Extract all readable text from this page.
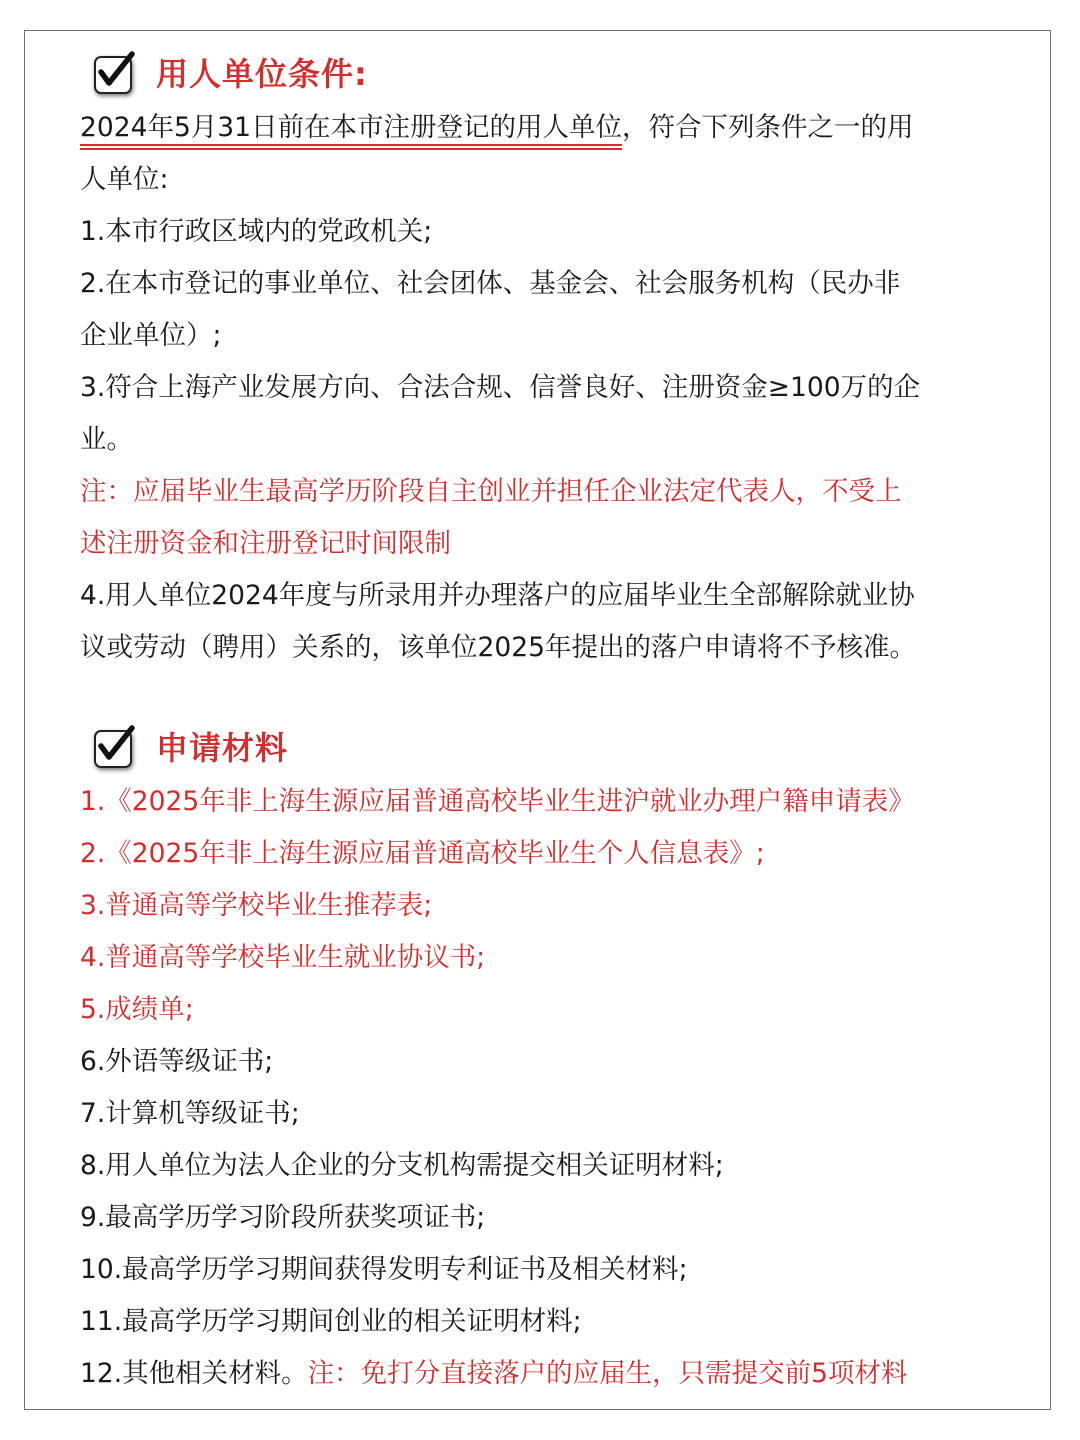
用人单位条件:
2024年5月31日前在本市注册登记的用人单位，符合下列条件之一的用
人单位:
1.本市行政区域内的党政机关;
2.在本市登记的事业单位、社会团体、基金会、社会服务机构（民办非
企业单位）;
3.符合上海产业发展方向、合法合规、信誉良好、注册资金≥100万的企
业。
注：应届毕业生最高学历阶段自主创业并担任企业法定代表人，不受上
述注册资金和注册登记时间限制
4.用人单位2024年度与所录用并办理落户的应届毕业生全部解除就业协
议或劳动（聘用）关系的，该单位2025年提出的落户申请将不予核准。
申请材料
1.《2025年非上海生源应届普通高校毕业生进沪就业办理户籍申请表》
2.《2025年非上海生源应届普通高校毕业生个人信息表》;
3.普通高等学校毕业生推荐表;
4.普通高等学校毕业生就业协议书;
5.成绩单;
6.外语等级证书;
7.计算机等级证书;
8.用人单位为法人企业的分支机构需提交相关证明材料;
9.最高学历学习阶段所获奖项证书;
10.最高学历学习期间获得发明专利证书及相关材料;
11.最高学历学习期间创业的相关证明材料;
12.其他相关材料。注：免打分直接落户的应届生，只需提交前5项材料
